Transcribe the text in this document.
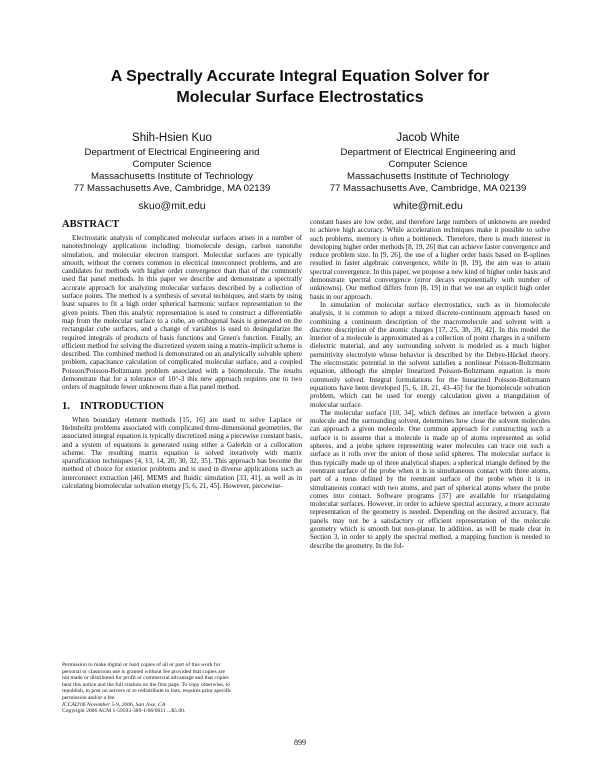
A Spectrally Accurate Integral Equation Solver for
Molecular Surface Electrostatics
Shih-Hsien Kuo
Department of Electrical Engineering and
Computer Science
Massachusetts Institute of Technology
77 Massachusetts Ave, Cambridge, MA 02139
skuo@mit.edu
Jacob White
Department of Electrical Engineering and
Computer Science
Massachusetts Institute of Technology
77 Massachusetts Ave, Cambridge, MA 02139
white@mit.edu
ABSTRACT

Electrostatic analysis of complicated molecular surfaces arises in a number of nanotechnology applications including: biomolecule design, carbon nanotube simulation, and molecular electron transport. Molecular surfaces are typically smooth, without the corners common in electrical interconnect problems, and are candidates for methods with higher order convergence than that of the commonly used flat panel methods. In this paper we describe and demonstrate a spectrally accurate approach for analyzing molecular surfaces described by a collection of surface points. The method is a synthesis of several techniques, and starts by using least squares to fit a high order spherical harmonic surface representation to the given points. Then this analytic representation is used to construct a differentiable map from the molecular surface to a cube, an orthogonal basis is generated on the rectangular cube surfaces, and a change of variables is used to desingularize the required integrals of products of basis functions and Green's function. Finally, an efficient method for solving the discretized system using a matrix-implicit scheme is described. The combined method is demonstrated on an analytically solvable sphere problem, capacitance calculation of complicated molecular surface, and a coupled Poisson/Poisson-Boltzmann problem associated with a biomolecule. The results demonstrate that for a tolerance of 10^-3 this new approach requires one to two orders of magnitude fewer unknowns than a flat panel method.

1. INTRODUCTION

When boundary element methods [15, 16] are used to solve Laplace or Helmholtz problems associated with complicated three-dimensional geometries, the associated integral equation is typically discretized using a piecewise constant basis, and a system of equations is generated using either a Galerkin or a collocation scheme. The resulting matrix equation is solved iteratively with matrix sparsification techniques [4, 13, 14, 20, 30, 32, 35]. This approach has become the method of choice for exterior problems and is used in diverse applications such as interconnect extraction [46], MEMS and fluidic simulation [33, 41], as well as in calculating biomolecular solvation energy [5, 6, 21, 45]. However, piecewise-

constant bases are low order, and therefore large numbers of unknowns are needed to achieve high accuracy. While acceleration techniques make it possible to solve such problems, memory is often a bottleneck. Therefore, there is much interest in developing higher order methods [8, 19, 26] that can achieve faster convergence and reduce problem size. In [9, 26], the use of a higher order basis based on B-splines resulted in faster algebraic convergence, while in [8, 19], the aim was to attain spectral convergence. In this paper, we propose a new kind of higher order basis and demonstrate spectral convergence (error decays exponentially with number of unknowns). Our method differs from [8, 19] in that we use an explicit high order basis in our approach.

In simulation of molecular surface electrostatics, such as in biomolecule analysis, it is common to adopt a mixed discrete-continuum approach based on combining a continuum description of the macromolecule and solvent with a discrete description of the atomic charges [17, 25, 38, 39, 42]. In this model the interior of a molecule is approximated as a collection of point charges in a uniform dielectric material, and any surrounding solvent is modeled as a much higher permittivity electrolyte whose behavior is described by the Debye-Hückel theory. The electrostatic potential in the solvent satisfies a nonlinear Poisson-Boltzmann equation, although the simpler linearized Poisson-Boltzmann equation is more commonly solved. Integral formulations for the linearized Poisson-Boltzmann equations have been developed [5, 6, 18, 21, 43–45] for the biomolecule solvation problem, which can be used for energy calculation given a triangulation of molecular surface.

The molecular surface [10, 34], which defines an interface between a given molecule and the surrounding solvent, determines how close the solvent molecules can approach a given molecule. One common approach for constructing such a surface is to assume that a molecule is made up of atoms represented as solid spheres, and a probe sphere representing water molecules can trace out such a surface as it rolls over the union of those solid spheres. The molecular surface is thus typically made up of three analytical shapes: a spherical triangle defined by the reentrant surface of the probe when it is in simultaneous contact with three atoms, part of a torus defined by the reentrant surface of the probe when it is in simultaneous contact with two atoms, and part of spherical atoms where the probe comes into contact. Software programs [37] are available for triangulating molecular surfaces. However, in order to achieve spectral accuracy, a more accurate representation of the geometry is needed. Depending on the desired accuracy, flat panels may not be a satisfactory or efficient representation of the molecule geometry which is smooth but non-planar. In addition, as will be made clear in Section 3, in order to apply the spectral method, a mapping function is needed to describe the geometry. In the fol-

Permission to make digital or hard copies of all or part of this work for
personal or classroom use is granted without fee provided that copies are
not made or distributed for profit or commercial advantage and that copies
bear this notice and the full citation on the first page. To copy otherwise, to
republish, to post on servers or to redistribute to lists, requires prior specific
permission and/or a fee.
ICCAD'06 November 5-9, 2006, San Jose, CA
Copyright 2006 ACM 1-59593-389-1/06/0011 ...$5.00.
899
